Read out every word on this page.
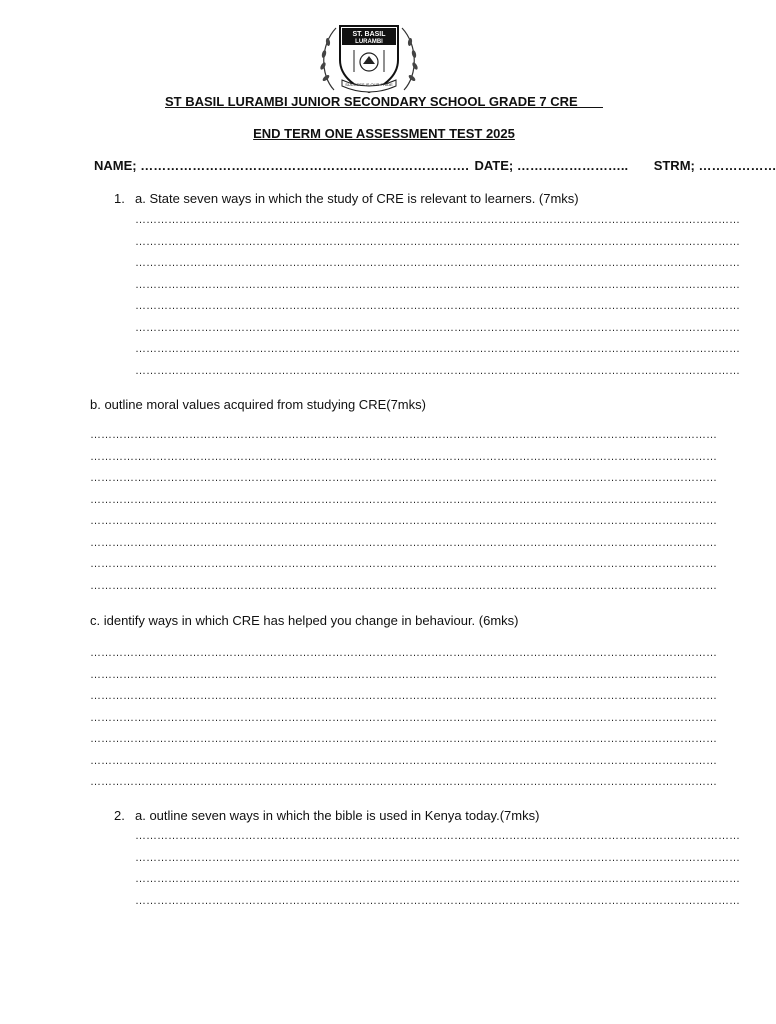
ST. BASIL
LURAMBI
SUCCESS IS OUR PRIDE
ST BASIL LURAMBI JUNIOR SECONDARY SCHOOL GRADE 7 CRE
END TERM ONE ASSESSMENT TEST 2025
NAME; …………………………………………………………………. DATE; …………………….. STRM; ………………
1. a. State seven ways in which the study of CRE is relevant to learners. (7mks)
…………………………………………………………………………………………………………………………………………………
…………………………………………………………………………………………………………………………………………………
…………………………………………………………………………………………………………………………………………………
…………………………………………………………………………………………………………………………………………………
…………………………………………………………………………………………………………………………………………………
…………………………………………………………………………………………………………………………………………………
…………………………………………………………………………………………………………………………………………………
…………………………………………………………………………………………………………………………………………………
b. outline moral values acquired from studying CRE(7mks)
………………………………………………………………………………………………………………………………………………………
………………………………………………………………………………………………………………………………………………………
………………………………………………………………………………………………………………………………………………………
………………………………………………………………………………………………………………………………………………………
………………………………………………………………………………………………………………………………………………………
………………………………………………………………………………………………………………………………………………………
………………………………………………………………………………………………………………………………………………………
………………………………………………………………………………………………………………………………………………………
c. identify ways in which CRE has helped you change in behaviour. (6mks)
………………………………………………………………………………………………………………………………………………………
………………………………………………………………………………………………………………………………………………………
………………………………………………………………………………………………………………………………………………………
………………………………………………………………………………………………………………………………………………………
………………………………………………………………………………………………………………………………………………………
………………………………………………………………………………………………………………………………………………………
………………………………………………………………………………………………………………………………………………………
2. a. outline seven ways in which the bible is used in Kenya today.(7mks)
…………………………………………………………………………………………………………………………………………………
…………………………………………………………………………………………………………………………………………………
…………………………………………………………………………………………………………………………………………………
…………………………………………………………………………………………………………………………………………………
